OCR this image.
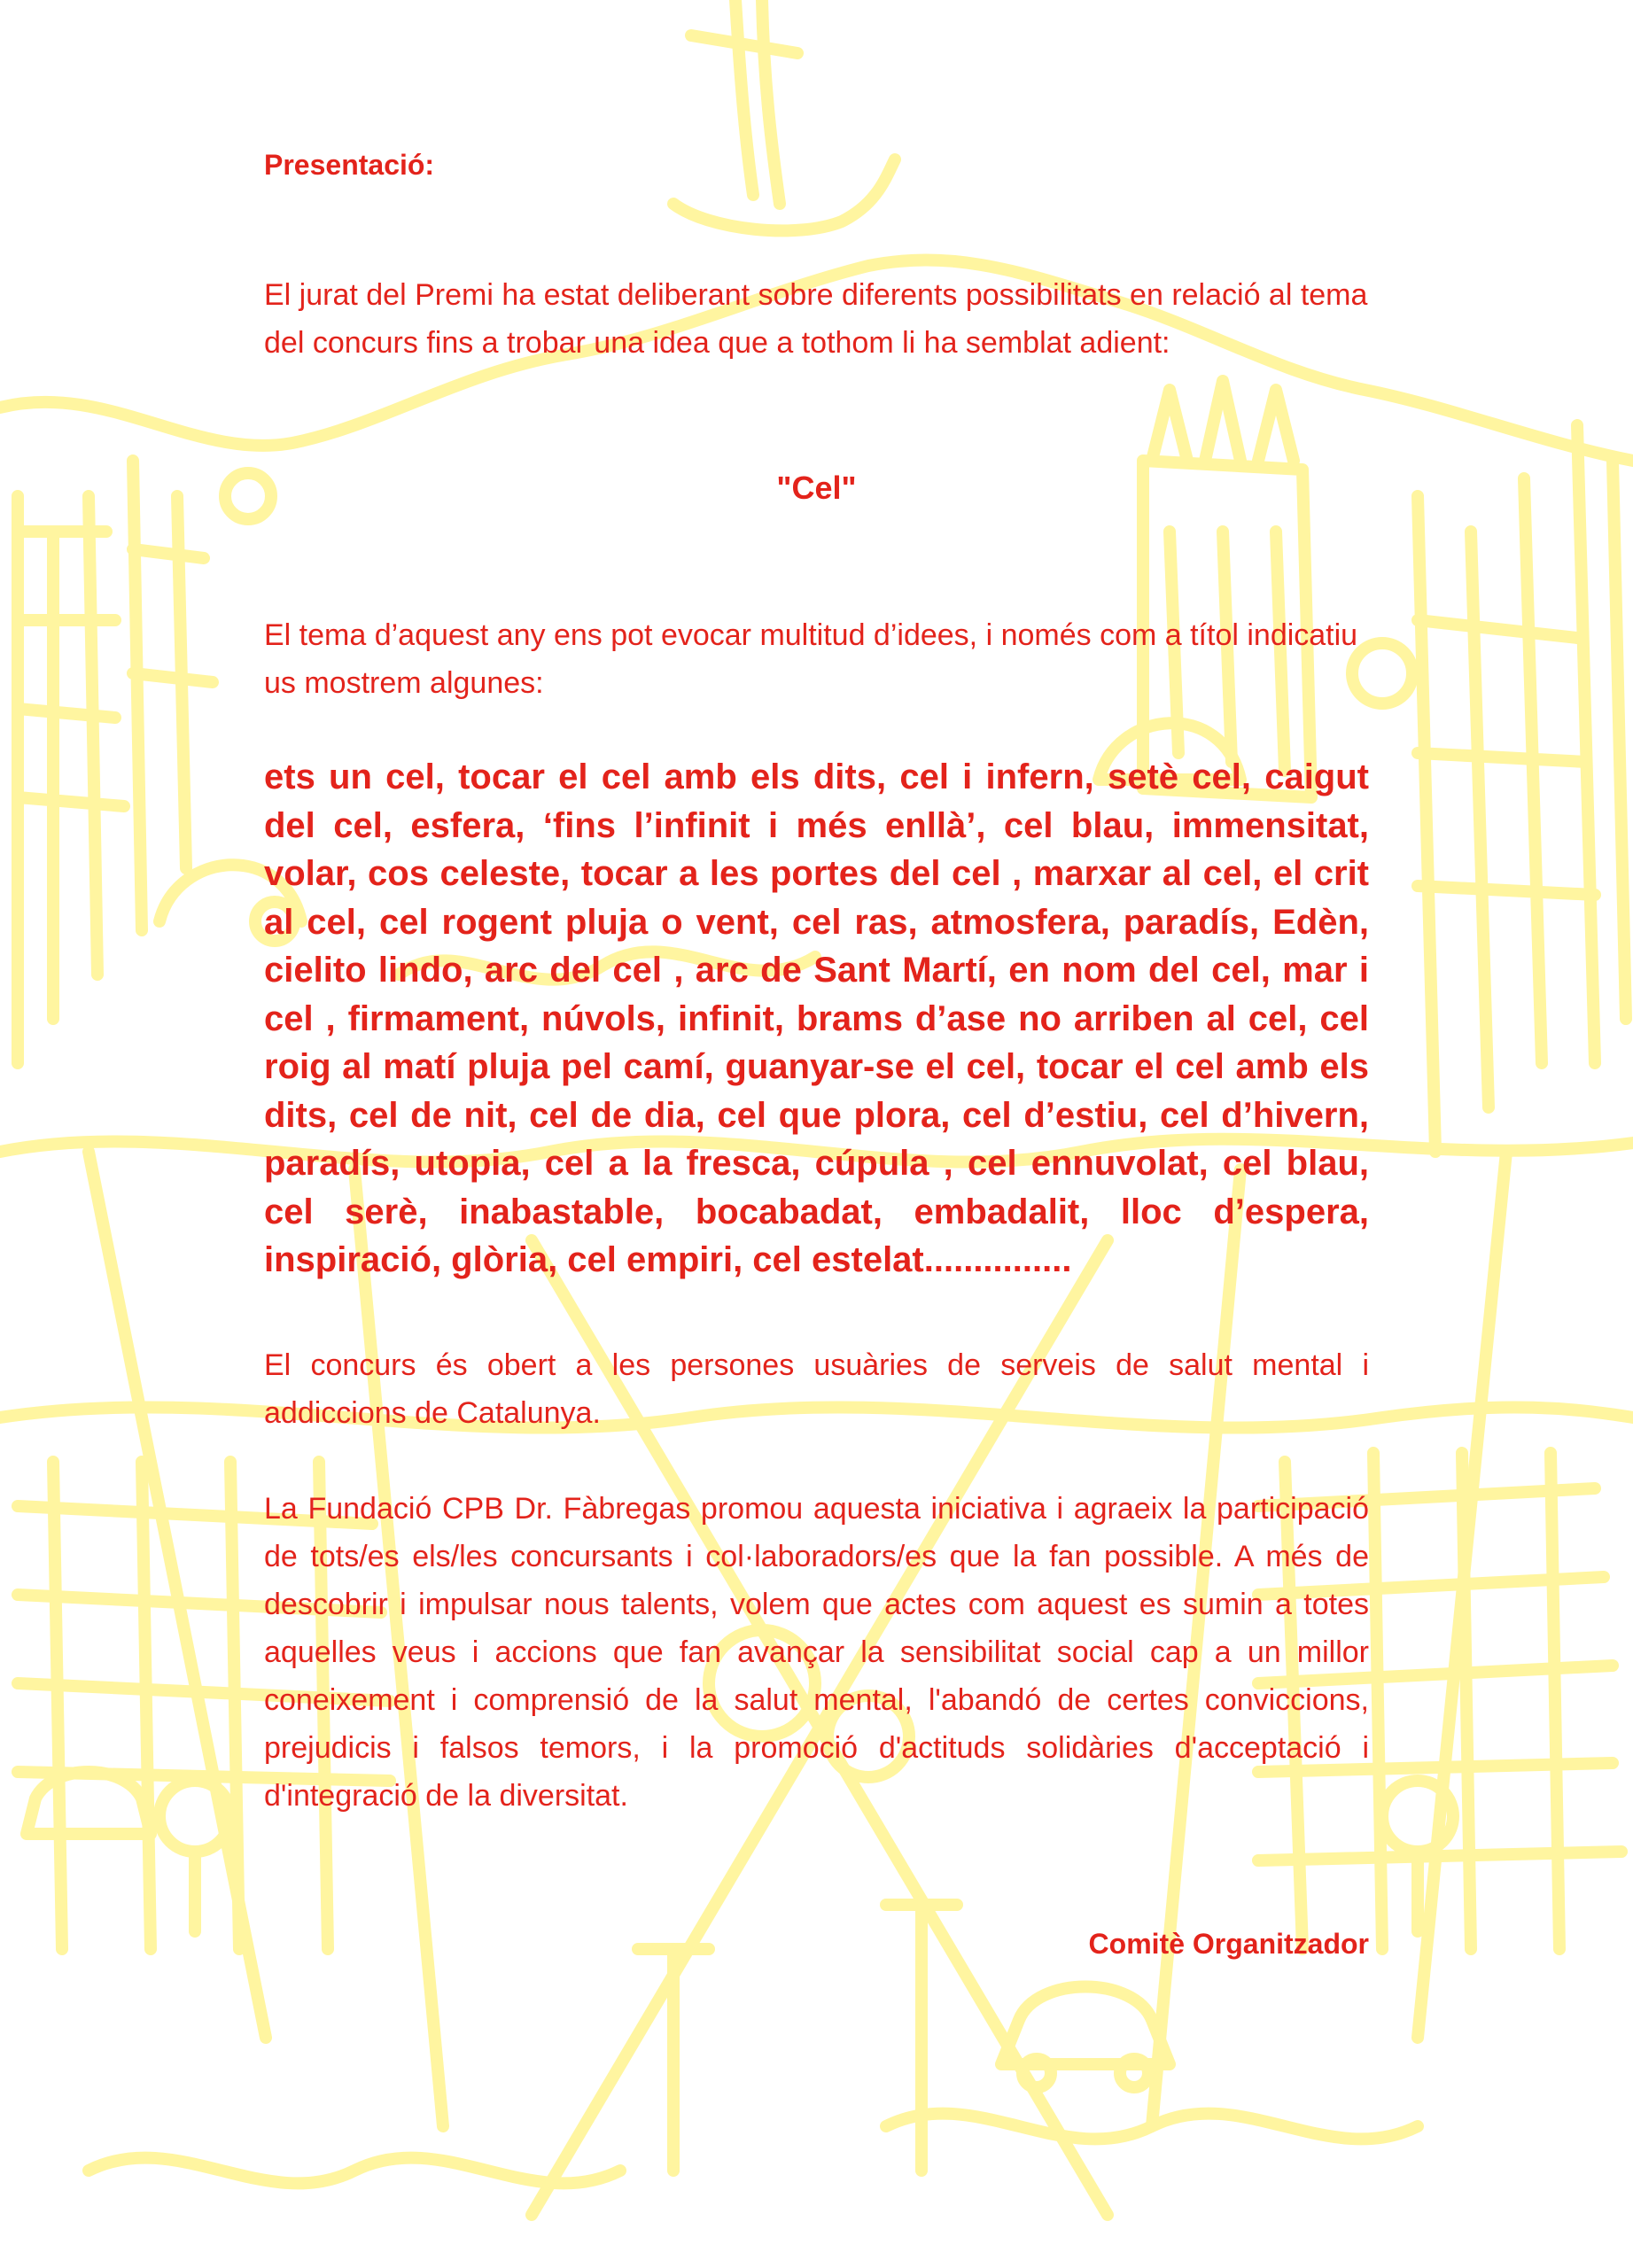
Presentació:

El jurat del Premi ha estat deliberant sobre diferents possibilitats en relació al tema del concurs fins a trobar una idea que a tothom li ha semblat adient:

"Cel"

El tema d’aquest any ens pot evocar multitud d’idees, i només com a títol indicatiu us mostrem algunes:

ets un cel, tocar el cel amb els dits, cel i infern, setè cel, caigut del cel, esfera, ‘fins l’infinit i més enllà’, cel blau, immensitat, volar, cos celeste, tocar a les portes del cel , marxar al cel, el crit al cel, cel rogent pluja o vent, cel ras, atmosfera, paradís, Edèn, cielito lindo, arc del cel , arc de Sant Martí, en nom del cel, mar i cel , firmament, núvols, infinit, brams d’ase no arriben al cel, cel roig al matí pluja pel camí, guanyar-se el cel, tocar el cel amb els dits, cel de nit, cel de dia, cel que plora, cel d’estiu, cel d’hivern, paradís, utopia, cel a la fresca, cúpula , cel ennuvolat, cel blau, cel serè, inabastable, bocabadat, embadalit, lloc d’espera, inspiració, glòria, cel empiri, cel estelat...............

El concurs és obert a les persones usuàries de serveis de salut mental i addiccions de Catalunya.

La Fundació CPB Dr. Fàbregas promou aquesta iniciativa i agraeix la participació de tots/es els/les concursants i col·laboradors/es que la fan possible. A més de descobrir i impulsar nous talents, volem que actes com aquest es sumin a totes aquelles veus i accions que fan avançar la sensibilitat social cap a un millor coneixement i comprensió de la salut mental, l'abandó de certes conviccions, prejudicis i falsos temors, i la promoció d'actituds solidàries d'acceptació i d'integració de la diversitat.

Comitè Organitzador
